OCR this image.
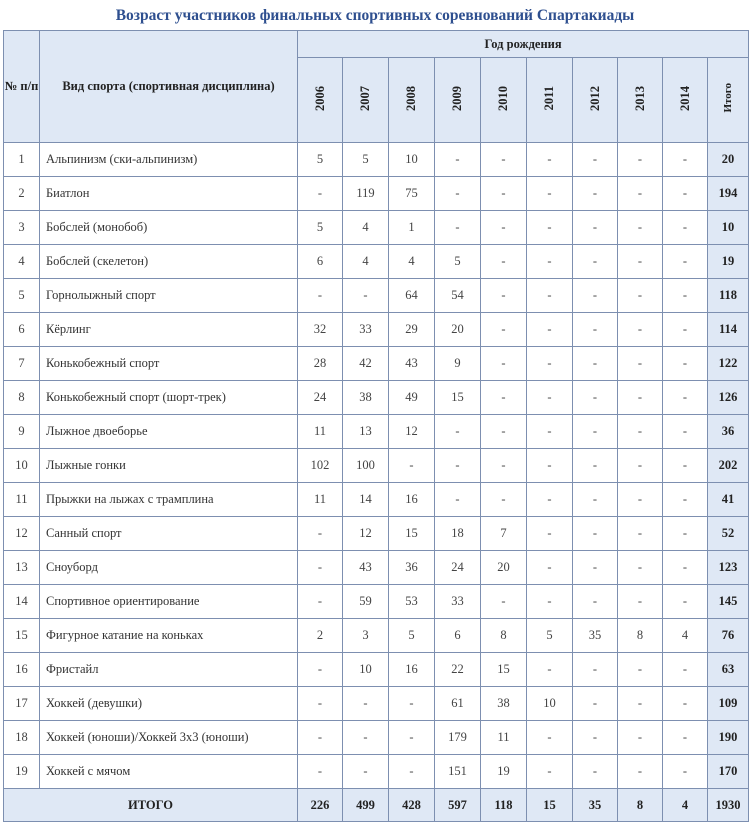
Возраст участников финальных спортивных соревнований Спартакиады
№ п/п	Вид спорта (спортивная дисциплина)	Год рождения									
		2006	2007	2008	2009	2010	2011	2012	2013	2014	Итого
1	Альпинизм (ски-альпинизм)	5	5	10	-	-	-	-	-	-	20
2	Биатлон	-	119	75	-	-	-	-	-	-	194
3	Бобслей (монобоб)	5	4	1	-	-	-	-	-	-	10
4	Бобслей (скелетон)	6	4	4	5	-	-	-	-	-	19
5	Горнолыжный спорт	-	-	64	54	-	-	-	-	-	118
6	Кёрлинг	32	33	29	20	-	-	-	-	-	114
7	Конькобежный спорт	28	42	43	9	-	-	-	-	-	122
8	Конькобежный спорт (шорт-трек)	24	38	49	15	-	-	-	-	-	126
9	Лыжное двоеборье	11	13	12	-	-	-	-	-	-	36
10	Лыжные гонки	102	100	-	-	-	-	-	-	-	202
11	Прыжки на лыжах с трамплина	11	14	16	-	-	-	-	-	-	41
12	Санный спорт	-	12	15	18	7	-	-	-	-	52
13	Сноуборд	-	43	36	24	20	-	-	-	-	123
14	Спортивное ориентирование	-	59	53	33	-	-	-	-	-	145
15	Фигурное катание на коньках	2	3	5	6	8	5	35	8	4	76
16	Фристайл	-	10	16	22	15	-	-	-	-	63
17	Хоккей (девушки)	-	-	-	61	38	10	-	-	-	109
18	Хоккей (юноши)/Хоккей 3х3 (юноши)	-	-	-	179	11	-	-	-	-	190
19	Хоккей с мячом	-	-	-	151	19	-	-	-	-	170
ИТОГО		226	499	428	597	118	15	35	8	4	1930
